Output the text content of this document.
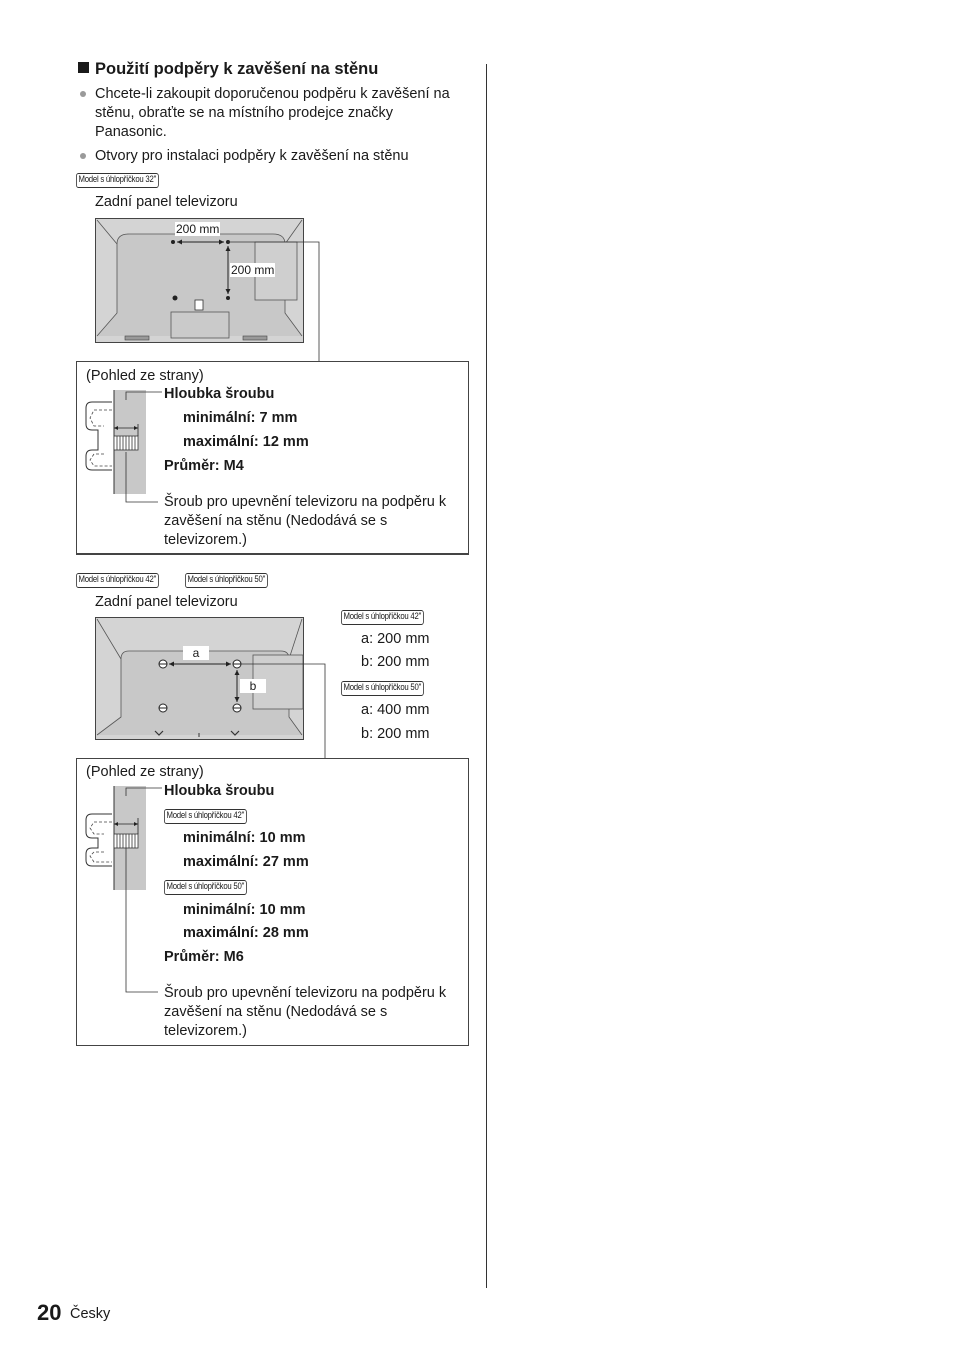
Použití podpěry k zavěšení na stěnu
Chcete-li zakoupit doporučenou podpěru k zavěšení na stěnu, obraťte se na místního prodejce značky Panasonic.
Otvory pro instalaci podpěry k zavěšení na stěnu
Model s úhlopříčkou 32"
Zadní panel televizoru
200 mm
200 mm
(Pohled ze strany)
Hloubka šroubu
minimální: 7 mm
maximální: 12 mm
Průměr: M4
Šroub pro upevnění televizoru na podpěru k zavěšení na stěnu (Nedodává se s televizorem.)
Model s úhlopříčkou 42"	Model s úhlopříčkou 50"
Zadní panel televizoru
a
b
Model s úhlopříčkou 42"
a: 200 mm
b: 200 mm
Model s úhlopříčkou 50"
a: 400 mm
b: 200 mm
(Pohled ze strany)
Hloubka šroubu
Model s úhlopříčkou 42"
minimální: 10 mm
maximální: 27 mm
Model s úhlopříčkou 50"
minimální: 10 mm
maximální: 28 mm
Průměr: M6
Šroub pro upevnění televizoru na podpěru k zavěšení na stěnu (Nedodává se s televizorem.)
20 Česky
